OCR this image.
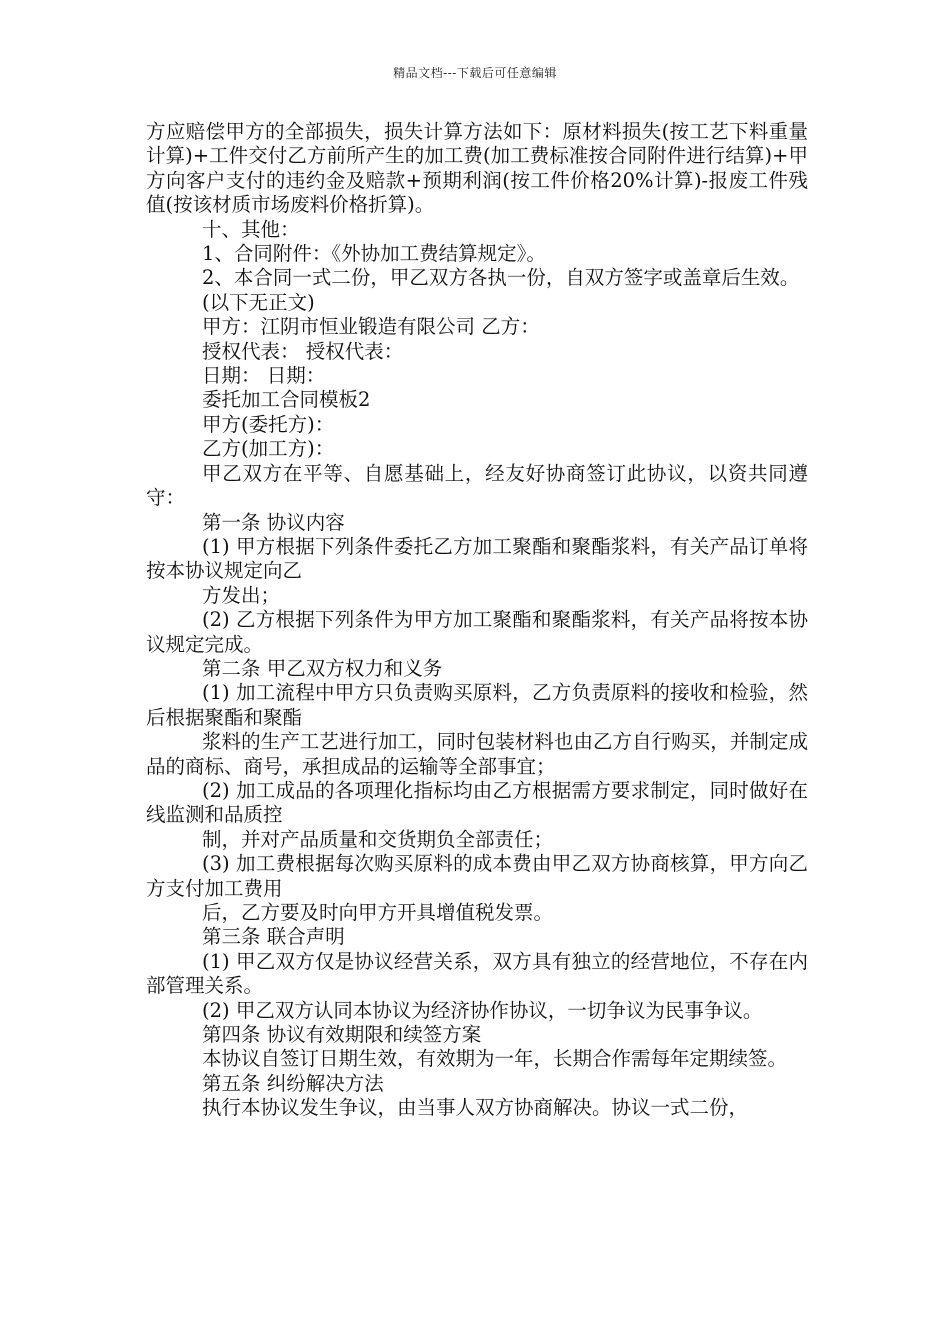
精品文档---下载后可任意编辑

方应赔偿甲方的全部损失，损失计算方法如下：原材料损失(按工艺下料重量计算)+工件交付乙方前所产生的加工费(加工费标准按合同附件进行结算)+甲方向客户支付的违约金及赔款+预期利润(按工件价格20%计算)-报废工件残值(按该材质市场废料价格折算)。

十、其他：

1、合同附件：《外协加工费结算规定》。

2、本合同一式二份，甲乙双方各执一份，自双方签字或盖章后生效。

(以下无正文)

甲方：江阴市恒业锻造有限公司 乙方：

授权代表： 授权代表：

日期： 日期：

委托加工合同模板2

甲方(委托方)：

乙方(加工方)：

甲乙双方在平等、自愿基础上，经友好协商签订此协议，以资共同遵守：

第一条 协议内容

(1) 甲方根据下列条件委托乙方加工聚酯和聚酯浆料，有关产品订单将按本协议规定向乙

方发出；

(2) 乙方根据下列条件为甲方加工聚酯和聚酯浆料，有关产品将按本协议规定完成。

第二条 甲乙双方权力和义务

(1) 加工流程中甲方只负责购买原料，乙方负责原料的接收和检验，然后根据聚酯和聚酯

浆料的生产工艺进行加工，同时包装材料也由乙方自行购买，并制定成品的商标、商号，承担成品的运输等全部事宜；

(2) 加工成品的各项理化指标均由乙方根据需方要求制定，同时做好在线监测和品质控

制，并对产品质量和交货期负全部责任；

(3) 加工费根据每次购买原料的成本费由甲乙双方协商核算，甲方向乙方支付加工费用

后，乙方要及时向甲方开具增值税发票。

第三条 联合声明

(1) 甲乙双方仅是协议经营关系，双方具有独立的经营地位，不存在内部管理关系。

(2) 甲乙双方认同本协议为经济协作协议，一切争议为民事争议。

第四条 协议有效期限和续签方案

本协议自签订日期生效，有效期为一年，长期合作需每年定期续签。

第五条 纠纷解决方法

执行本协议发生争议，由当事人双方协商解决。协议一式二份，
